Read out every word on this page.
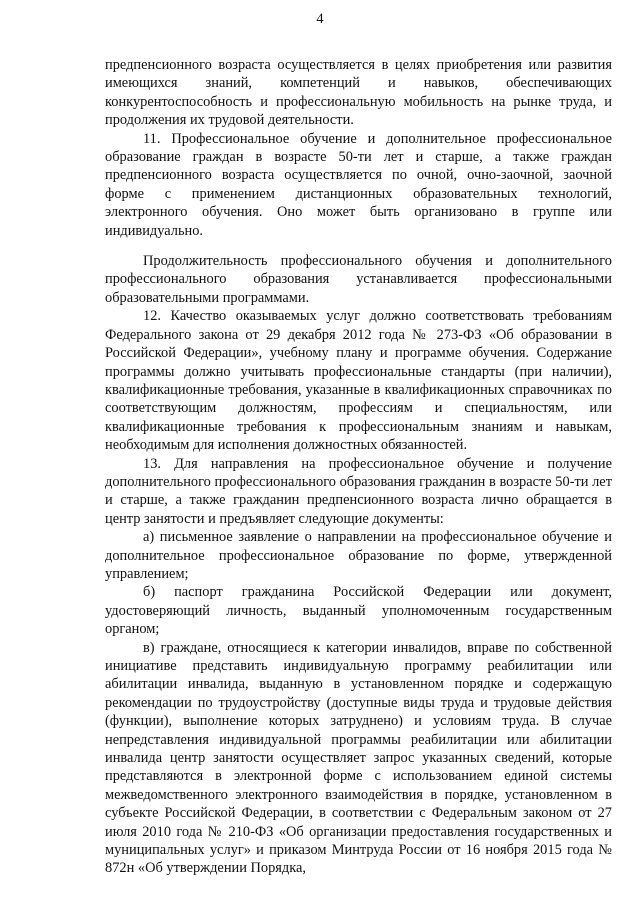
4

предпенсионного возраста осуществляется в целях приобретения или развития имеющихся знаний, компетенций и навыков, обеспечивающих конкурентоспособность и профессиональную мобильность на рынке труда, и продолжения их трудовой деятельности.

11. Профессиональное обучение и дополнительное профессиональное образование граждан в возрасте 50-ти лет и старше, а также граждан предпенсионного возраста осуществляется по очной, очно-заочной, заочной форме с применением дистанционных образовательных технологий, электронного обучения. Оно может быть организовано в группе или индивидуально.

Продолжительность профессионального обучения и дополнительного профессионального образования устанавливается профессиональными образовательными программами.

12. Качество оказываемых услуг должно соответствовать требованиям Федерального закона от 29 декабря 2012 года № 273-ФЗ «Об образовании в Российской Федерации», учебному плану и программе обучения. Содержание программы должно учитывать профессиональные стандарты (при наличии), квалификационные требования, указанные в квалификационных справочниках по соответствующим должностям, профессиям и специальностям, или квалификационные требования к профессиональным знаниям и навыкам, необходимым для исполнения должностных обязанностей.

13. Для направления на профессиональное обучение и получение дополнительного профессионального образования гражданин в возрасте 50-ти лет и старше, а также гражданин предпенсионного возраста лично обращается в центр занятости и предъявляет следующие документы:

а) письменное заявление о направлении на профессиональное обучение и дополнительное профессиональное образование по форме, утвержденной управлением;

б) паспорт гражданина Российской Федерации или документ, удостоверяющий личность, выданный уполномоченным государственным органом;

в) граждане, относящиеся к категории инвалидов, вправе по собственной инициативе представить индивидуальную программу реабилитации или абилитации инвалида, выданную в установленном порядке и содержащую рекомендации по трудоустройству (доступные виды труда и трудовые действия (функции), выполнение которых затруднено) и условиям труда. В случае непредставления индивидуальной программы реабилитации или абилитации инвалида центр занятости осуществляет запрос указанных сведений, которые представляются в электронной форме с использованием единой системы межведомственного электронного взаимодействия в порядке, установленном в субъекте Российской Федерации, в соответствии с Федеральным законом от 27 июля 2010 года № 210-ФЗ «Об организации предоставления государственных и муниципальных услуг» и приказом Минтруда России от 16 ноября 2015 года № 872н «Об утверждении Порядка,
